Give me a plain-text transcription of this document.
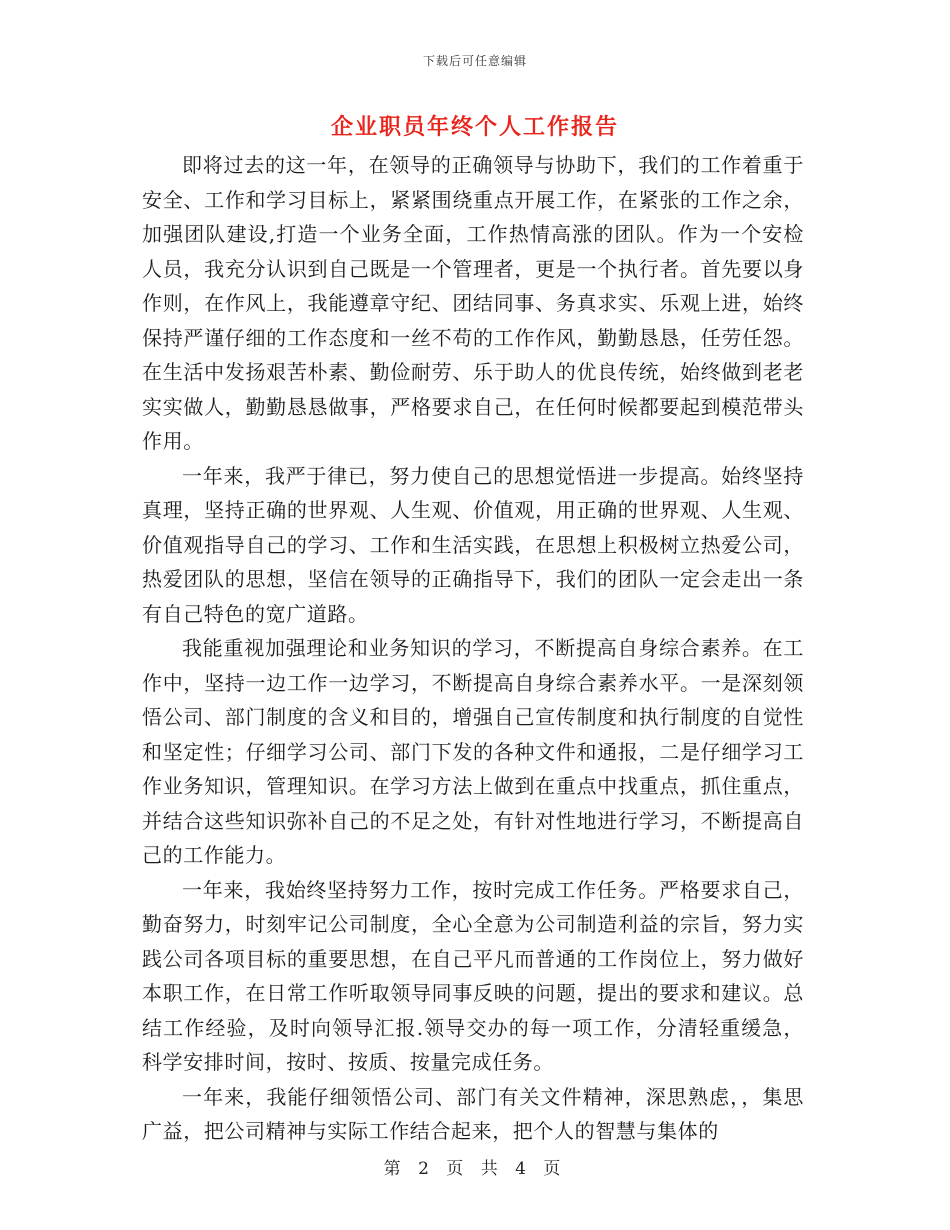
下载后可任意编辑
企业职员年终个人工作报告

即将过去的这一年，在领导的正确领导与协助下，我们的工作着重于安全、工作和学习目标上，紧紧围绕重点开展工作，在紧张的工作之余，加强团队建设,打造一个业务全面，工作热情高涨的团队。作为一个安检人员，我充分认识到自己既是一个管理者，更是一个执行者。首先要以身作则，在作风上，我能遵章守纪、团结同事、务真求实、乐观上进，始终保持严谨仔细的工作态度和一丝不苟的工作作风，勤勤恳恳，任劳任怨。在生活中发扬艰苦朴素、勤俭耐劳、乐于助人的优良传统，始终做到老老实实做人，勤勤恳恳做事，严格要求自己，在任何时候都要起到模范带头作用。

一年来，我严于律已，努力使自己的思想觉悟进一步提高。始终坚持真理，坚持正确的世界观、人生观、价值观，用正确的世界观、人生观、价值观指导自己的学习、工作和生活实践，在思想上积极树立热爱公司，热爱团队的思想，坚信在领导的正确指导下，我们的团队一定会走出一条有自己特色的宽广道路。

我能重视加强理论和业务知识的学习，不断提高自身综合素养。在工作中，坚持一边工作一边学习，不断提高自身综合素养水平。一是深刻领悟公司、部门制度的含义和目的，增强自己宣传制度和执行制度的自觉性和坚定性；仔细学习公司、部门下发的各种文件和通报，二是仔细学习工作业务知识，管理知识。在学习方法上做到在重点中找重点，抓住重点，并结合这些知识弥补自己的不足之处，有针对性地进行学习，不断提高自己的工作能力。

一年来，我始终坚持努力工作，按时完成工作任务。严格要求自己，勤奋努力，时刻牢记公司制度，全心全意为公司制造利益的宗旨，努力实践公司各项目标的重要思想，在自己平凡而普通的工作岗位上，努力做好本职工作，在日常工作听取领导同事反映的问题，提出的要求和建议。总结工作经验，及时向领导汇报.领导交办的每一项工作，分清轻重缓急，科学安排时间，按时、按质、按量完成任务。

一年来，我能仔细领悟公司、部门有关文件精神，深思熟虑，，集思广益，把公司精神与实际工作结合起来，把个人的智慧与集体的

第 2 页 共 4 页
